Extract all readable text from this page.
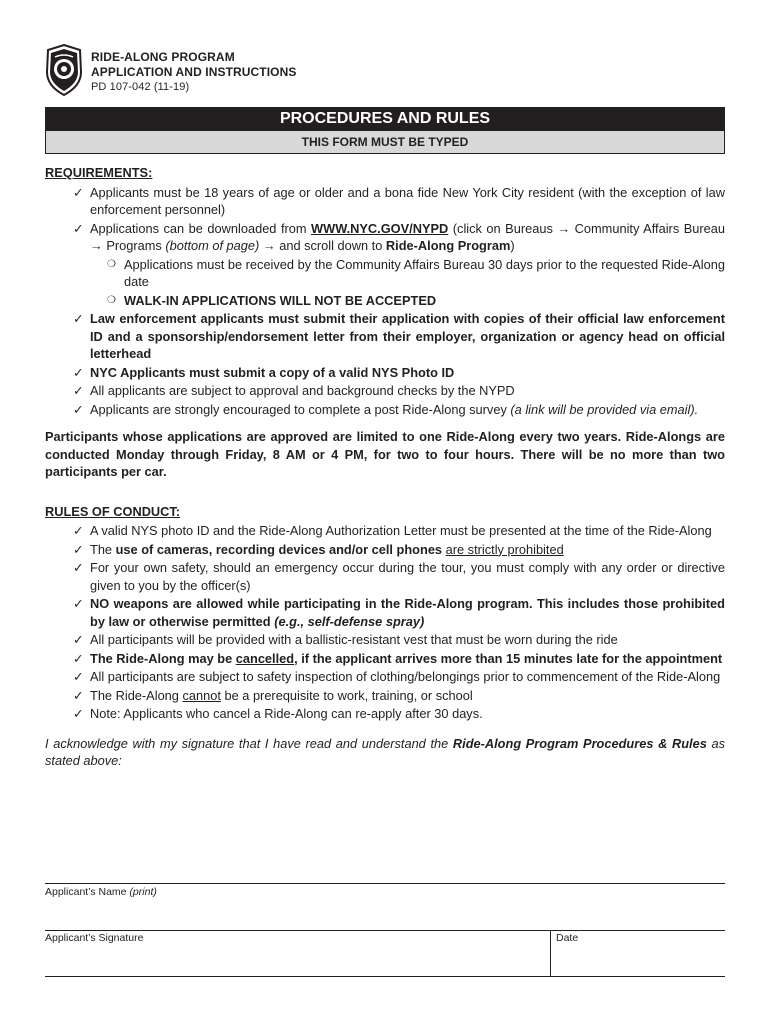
RIDE-ALONG PROGRAM
APPLICATION AND INSTRUCTIONS
PD 107-042 (11-19)
PROCEDURES AND RULES
THIS FORM MUST BE TYPED
REQUIREMENTS:
✓ Applicants must be 18 years of age or older and a bona fide New York City resident (with the exception of law enforcement personnel)
✓ Applications can be downloaded from WWW.NYC.GOV/NYPD (click on Bureaus → Community Affairs Bureau → Programs (bottom of page) → and scroll down to Ride-Along Program)
❍ Applications must be received by the Community Affairs Bureau 30 days prior to the requested Ride-Along date
❍ WALK-IN APPLICATIONS WILL NOT BE ACCEPTED
✓ Law enforcement applicants must submit their application with copies of their official law enforcement ID and a sponsorship/endorsement letter from their employer, organization or agency head on official letterhead
✓ NYC Applicants must submit a copy of a valid NYS Photo ID
✓ All applicants are subject to approval and background checks by the NYPD
✓ Applicants are strongly encouraged to complete a post Ride-Along survey (a link will be provided via email).
Participants whose applications are approved are limited to one Ride-Along every two years. Ride-Alongs are conducted Monday through Friday, 8 AM or 4 PM, for two to four hours. There will be no more than two participants per car.
RULES OF CONDUCT:
✓ A valid NYS photo ID and the Ride-Along Authorization Letter must be presented at the time of the Ride-Along
✓ The use of cameras, recording devices and/or cell phones are strictly prohibited
✓ For your own safety, should an emergency occur during the tour, you must comply with any order or directive given to you by the officer(s)
✓ NO weapons are allowed while participating in the Ride-Along program. This includes those prohibited by law or otherwise permitted (e.g., self-defense spray)
✓ All participants will be provided with a ballistic-resistant vest that must be worn during the ride
✓ The Ride-Along may be cancelled, if the applicant arrives more than 15 minutes late for the appointment
✓ All participants are subject to safety inspection of clothing/belongings prior to commencement of the Ride-Along
✓ The Ride-Along cannot be a prerequisite to work, training, or school
✓ Note: Applicants who cancel a Ride-Along can re-apply after 30 days.
I acknowledge with my signature that I have read and understand the Ride-Along Program Procedures & Rules as stated above:
Applicant’s Name (print)
Applicant’s Signature	Date
